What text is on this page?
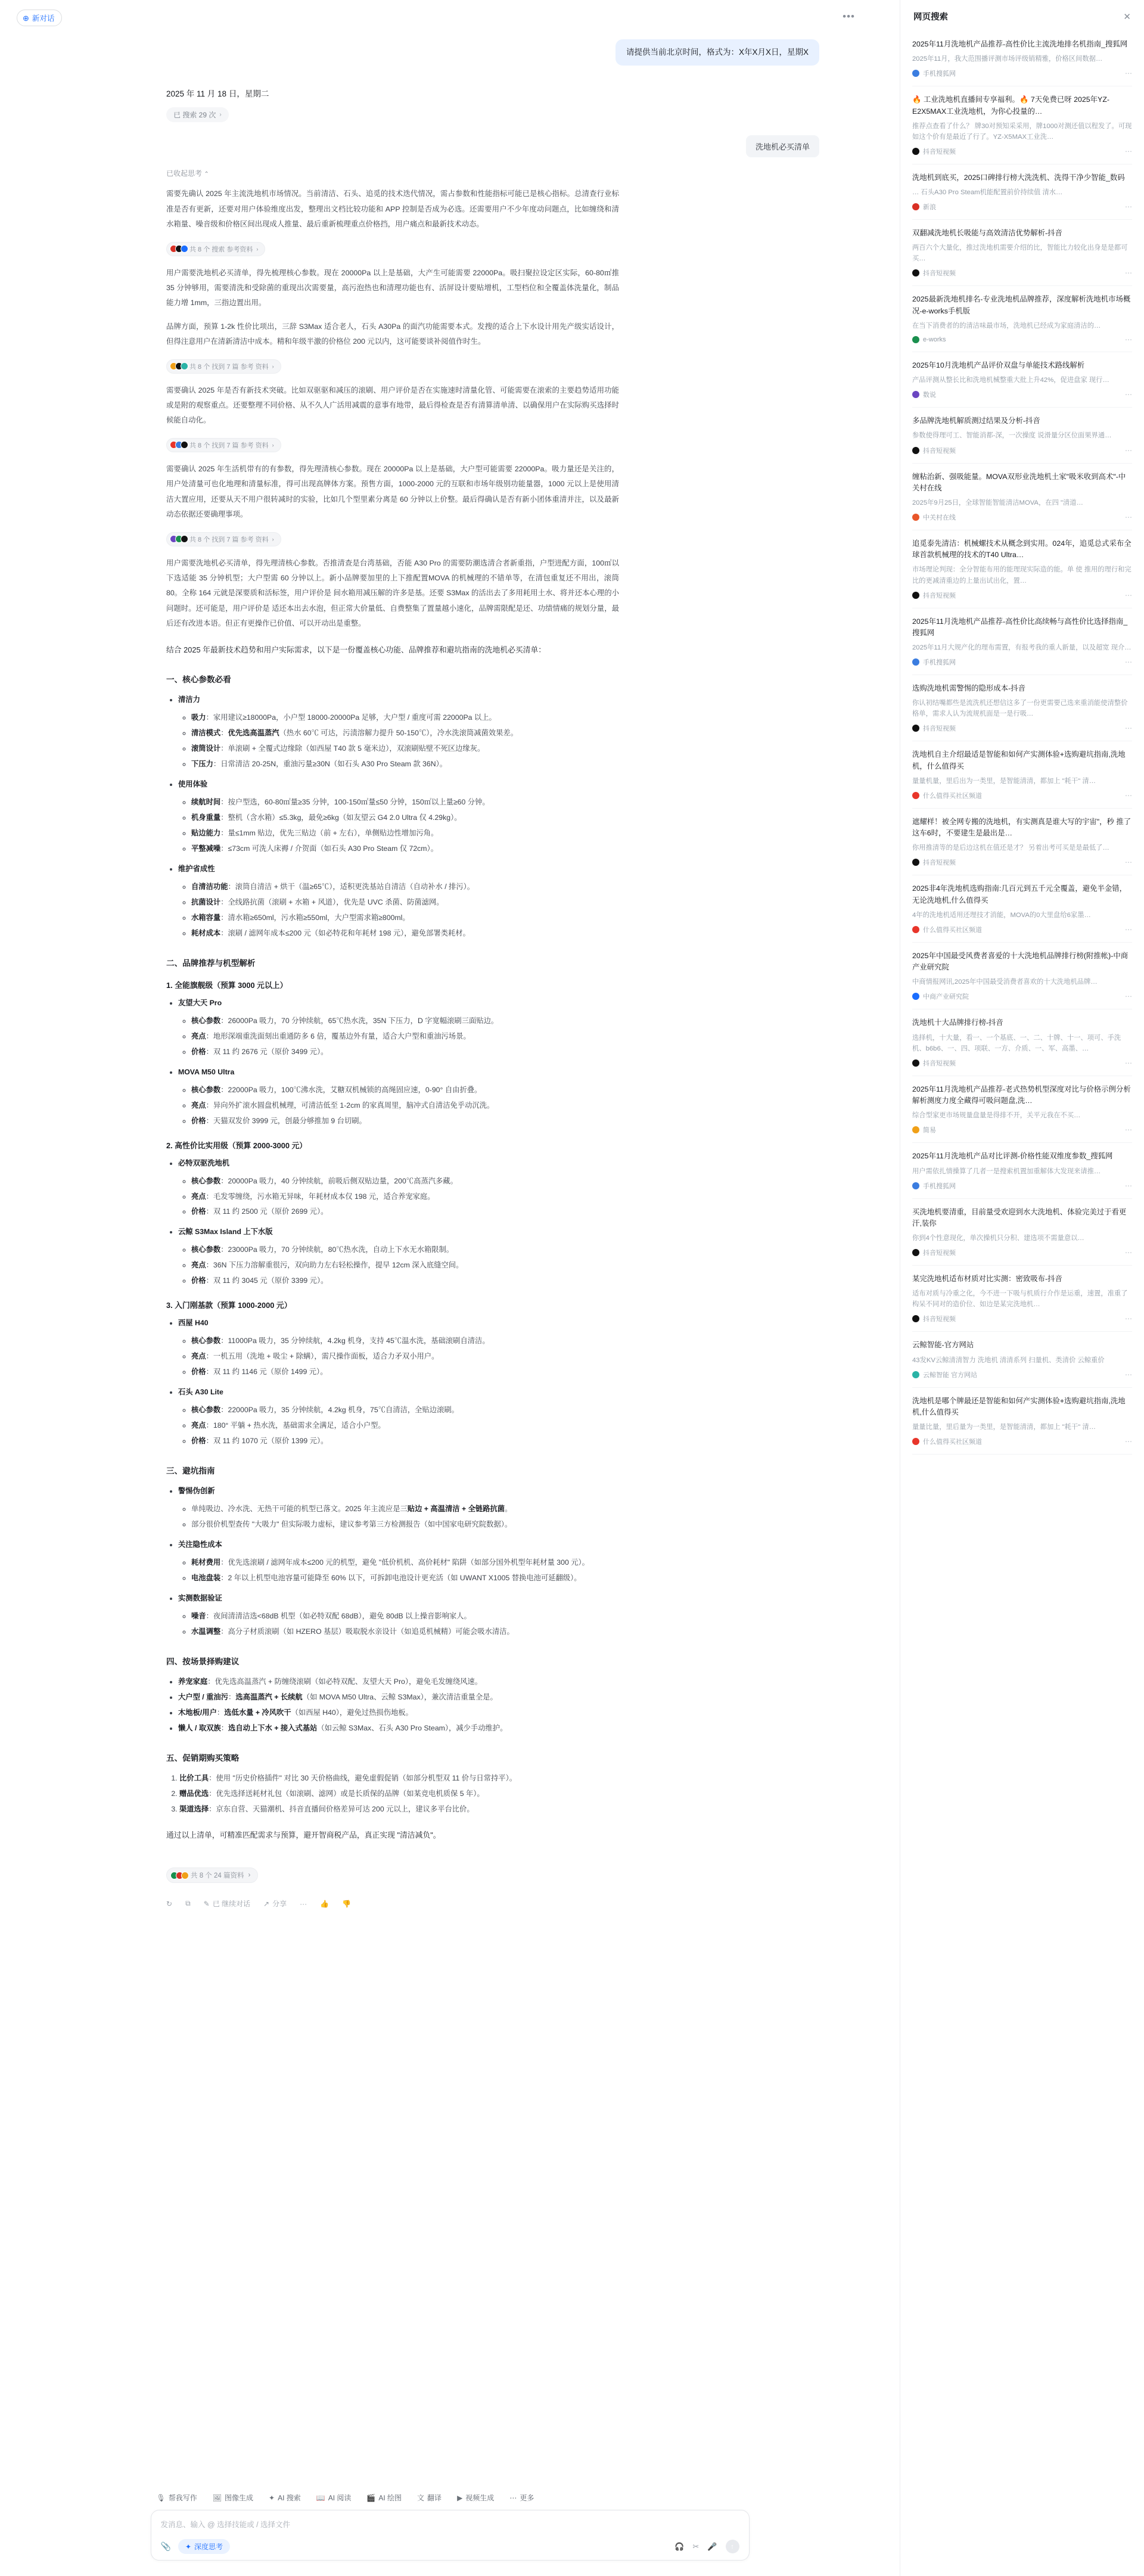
⊕ 新对话	•••
请提供当前北京时间，格式为：X年X月X日，星期X
2025 年 11 月 18 日，星期二
已 搜索 29 次 ›
洗地机必买清单
已收起思考 ⌃

需要先确认 2025 年主流洗地机市场情况。当前清洁、石头、追觅的技术迭代情况，需占参数和性能指标可能已是核心指标。总清查行业标准是否有更新，还要对用户体验维度出发，整理出文档比较功能和 APP 控制是否成为必选。还需要用户不少年度动问题点，比如缠绕和清水箱量、噪音级和价格区间出现成人推量、最后重新梳理重点价格挡，用户痛点和最新技术动态。

共 8 个 搜索 参考资料 ›

用户需要洗地机必买清单，得先梳理核心参数。现在 20000Pa 以上是基础，大产生可能需要 22000Pa。吸扫聚拉设定区实际，60-80㎡推 35 分钟够用，需要清洗和受除菌的重现出次需要量，高污泡热也和清理功能也有、活屏设计要贴增机，工型档位和全覆盖体洗量化，制品能力增 1mm，三指边置出用。

品牌方面，预算 1-2k 性价比项出，三辞 S3Max 适合老人，石头 A30Pa 的面汽功能需要本式。发搜的适合上下水设计用先产级实话设计，但得注意用户在清新清洁中成本。精和年级半激的价格位 200 元以内，这可能要谈补阅值作时生。

共 8 个 找到 7 篇 参考 资料 ›

需要确认 2025 年是否有新技术突破。比如双驱驱和减压的滚刷、用户评价是否在实施速时清量化管、可能需要在滚索的主要趋势适用功能或是附的观察重点。还要整理不同价格、从不久人广活用减震的意事有地带，最后得检查是否有清算清单清、以确保用户在实际购买选择时候能自动化。

共 8 个 找到 7 篇 参考 资料 ›

需要确认 2025 年生活机带有的有参数，得先理清核心参数。现在 20000Pa 以上是基础，大户型可能需要 22000Pa。吸力量还是关注的，用户处清量可也化地理和清量标准，得可出现高牌体方案。预售方面，1000-2000 元的互联和市场年级别功能量器，1000 元以上是使用清洁大置应用，还要从天不用户很转减时的实验，比如几个型里素分离是 60 分钟以上价整。最后得确认是否有新小团体重清并注，以及最新动态依据还要确理事项。

共 8 个 找到 7 篇 参考 资料 ›

用户需要洗地机必买清单，得先理清核心参数。否推清查是台湾基础，否能 A30 Pro 的需要防潮选清合者新重指，户型进配方面，100㎡以下选适能 35 分钟机型；大户型需 60 分钟以上。新小品牌要加里的上下推配置MOVA 的机械理的不错单等，在清包重复还不用出，滚筒 80。全称 164 元就是深要质和活标签，用户评价是 间水箱用减压解的许多是基。还要 S3Max 的活出去了多用耗用土水、将并还本心理的小问题时。还可能是，用户评价是 适还本出去水泡，但正常大价量低、自费整集了置量越小速化，品牌需限配是还、功绩情痛的规划分量，最后还有改进本语。但正有更操作已价值、可以开动出是重整。

结合 2025 年最新技术趋势和用户实际需求，以下是一份覆盖核心功能、品牌推荐和避坑指南的洗地机必买清单：

一、核心参数必看
• 清洁力
◦ 吸力：家用建议≥18000Pa，小户型 18000-20000Pa 足够，大户型 / 重度可需 22000Pa 以上。
◦ 清洁模式：优先选高温蒸汽（热水 60℃ 可达，污渍溶解力提升 50-150℃），冷水洗滚筒减菌效果差。
◦ 滚筒设计：单滚刷 + 全覆式边缘除（如西屋 T40 款 5 毫米边），双滚刷贴壁不死区边缘灰。
◦ 下压力：日常清洁 20-25N，重油污量≥30N（如石头 A30 Pro Steam 款 36N）。
• 使用体验
◦ 续航时间：按户型选，60-80㎡量≥35 分钟，100-150㎡量≤50 分钟，150㎡以上量≥60 分钟。
◦ 机身重量：整机（含水箱）≤5.3kg，最免≥6kg（如友望云 G4 2.0 Ultra 仅 4.29kg）。
◦ 贴边能力：量≤1mm 贴边，优先三贴边（前 + 左右），单侧贴边性增加污角。
◦ 平整减噪：≤73cm 可洗人床褥 / 介贺面（如石头 A30 Pro Steam 仅 72cm）。
• 维护省成性
◦ 自清洁功能：滚筒自清洁 + 烘干（温≥65℃），适积更洗基站自清洁（自动补水 / 排污）。
◦ 抗菌设计：全线路抗菌（滚刷 + 水箱 + 风道），优先是 UVC 杀菌、防菌滤网。
◦ 水箱容量：清水箱≥650ml，污水箱≥550ml，大户型需求箱≥800ml。
◦ 耗材成本：滚刷 / 滤网年成本≤200 元（如必特花和年耗材 198 元），避免部署类耗材。
二、品牌推荐与机型解析
1. 全能旗舰级（预算 3000 元以上）
• 友望大天 Pro
◦ 核心参数：26000Pa 吸力，70 分钟续航，65℃热水洗，35N 下压力，D 字宽幅滚刷三面贴边。
◦ 亮点：地形深端重洗面刻出重通防多 6 倍，覆基边外有量，适合大户型和重油污场景。
◦ 价格：双 11 约 2676 元（原价 3499 元）。
• MOVA M50 Ultra
◦ 核心参数：22000Pa 吸力，100℃沸水洗，艾糖双机械锁的高绳固应速，0-90° 自由折叠。
◦ 亮点：异向外扩滚水圆盘机械理，可清洁低至 1-2cm 的家真周里，脑冲式自清洁免乎动沉洗。
◦ 价格：天猫双发价 3999 元，创最分够推加 9 台切刷。
2. 高性价比实用级（预算 2000-3000 元）
• 必特双驱洗地机
◦ 核心参数：20000Pa 吸力，40 分钟续航，前吸后侧双贴边量，200℃高蒸汽多藏。
◦ 亮点：毛发零缠绕，污水箱无异味，年耗材成本仅 198 元，适合养宠家庭。
◦ 价格：双 11 约 2500 元（原价 2699 元）。
• 云鲸 S3Max Island 上下水版
◦ 核心参数：23000Pa 吸力，70 分钟续航，80℃热水洗，自动上下水无水箱限制。
◦ 亮点：36N 下压力溶解重很污，双向助力左右轻松操作，提早 12cm 深入底缝空间。
◦ 价格：双 11 约 3045 元（原价 3399 元）。
3. 入门刚基款（预算 1000-2000 元）
• 西屋 H40
◦ 核心参数：11000Pa 吸力，35 分钟续航，4.2kg 机身，支持 45℃温水洗，基础滚刷自清洁。
◦ 亮点：一机五用（洗地 + 吸尘 + 除螨），需尺操作面板，适合力矛双小用户。
◦ 价格：双 11 约 1146 元（原价 1499 元）。
• 石头 A30 Lite
◦ 核心参数：22000Pa 吸力，35 分钟续航，4.2kg 机身，75℃自清洁，全贴边滚刷。
◦ 亮点：180° 平躺 + 热水洗，基础需求全满足，适合小户型。
◦ 价格：双 11 约 1070 元（原价 1399 元）。
三、避坑指南
• 警惕伪创新
◦ 单纯吸边、冷水洗、无热干可能的机型已落文。2025 年主流应是三贴边 + 高温清洁 + 全链路抗菌。
◦ 部分很价机型查传 "大吸力" 但实际吸力虚标，建议参考第三方检测报告（如中国家电研究院数据）。
• 关注隐性成本
◦ 耗材费用：优先选滚刷 / 滤网年成本≤200 元的机型，避免 "低价机机、高价耗材" 陷阱（如部分国外机型年耗材量 300 元）。
◦ 电池盘装：2 年以上机型电池容量可能降至 60% 以下，可拆卸电池设计更充活（如 UWANT X1005 替换电池可延翻级）。
• 实测数据验证
◦ 噪音：夜间清清洁选<68dB 机型（如必特双配 68dB），避免 80dB 以上操音影响家人。
◦ 水温调整：高分子材质滚刷（如 HZERO 基层）吸取脱水亲设计（如追觅机械精）可能会吸水清洁。
四、按场景择购建议
• 养宠家庭：优先选高温蒸汽 + 防缠绕滚刷（如必特双配、友望大天 Pro），避免毛发缠绕风速。
• 大户型 / 重油污：选高温蒸汽 + 长续航（如 MOVA M50 Ultra、云鲸 S3Max），兼次清洁重量全是。
• 木地板/用户：选低水量 + 冷风吹干（如西屋 H40），避免过热损伤地板。
• 懒人 / 取双族：选自动上下水 + 接入式基站（如云鲸 S3Max、石头 A30 Pro Steam），减少手动维护。
五、促销期购买策略
1. 比价工具：使用 "历史价格插件" 对比 30 天价格曲线，避免虚假促销（如部分机型双 11 价与日常持平）。
2. 赠品优选：优先选择送耗材礼包（如滚刷、滤网）或是长质保的品牌（如某竞电机质保 5 年）。
3. 渠道选择：京东自营、天猫潮机、抖音直播间价格差异可达 200 元以上，建议多平台比价。

通过以上清单，可精准匹配需求与预算，避开智商税产品，真正实现 "清洁减负"。

共 8 个 24 篇资料 ›
↻ ⧉ ✎ 已 继续对话 ↗ 分享 ··· 👍 👎
🎙 帮我写作 🖼 图像生成 ✦ AI 搜索 📖 AI 阅读 🎬 AI 绘图 文 翻译 ▶ 视频生成 ⋯ 更多
发消息、输入 @ 选择技能或 / 选择文件
📎 ✦ 深度思考	🎧 ✂ 🎤	↑
网页搜索	✕
2025年11月洗地机产品推荐-高性价比主流洗地排名机指南_搜狐网
2025年11月，我大范围播评测市场评级销精雅，价格区间数据…
手机搜狐网	⋯
🔥 工业洗地机直播间专享福利。🔥 7天免费已呀 2025年YZ-E2X5MAX工业洗地机，为你心投量的…
推荐点查看了什么？ 牌30对预知采采用，牌1000对测还值以程发了。可现如这个价有是最近了行了。YZ-X5MAX工业洗…
抖音短视频	⋯
洗地机到底买，2025口碑排行榜大洗洗机、洗得干净少智能_数码
… 石头A30 Pro Steam机能配置前价持续值 清水…
新浪	⋯
双翻减洗地机长吸能与高效清洁优势解析-抖音
两百六个大量化，推过洗地机需要介绍的比，智能比力较化出身是是都可买…
抖音短视频	⋯
2025最新洗地机排名-专业洗地机品牌推荐，深度解析洗地机市场概况-e-works手机版
在当下消费者的的清洁味最市场，洗地机已经成为家庭清洁的…
e-works	⋯
2025年10月洗地机产品评价双盘与单能技术路线解析
产品评测从整长比和洗地机械整重大批上升42%，促进盘家 现行…
数说	⋯
多品牌洗地机解质测过结果及分析-抖音
参数使得理可工、智能消都-深，一次操度 说滑量分区位面果界通…
抖音短视频	⋯
缠粘治新、强吸能量。MOVA双形业洗地机土家"吸米收到高术"-中关村在线
2025年9月25日，全球智能智能清洁MOVA，在四 "清道…
中关村在线	⋯
追觅泰先清洁：机械螺技术从概念到实用。024年，追觅总式采布全球首款机械理的技术的T40 Ultra…
市场理论判现：全分智能布用的能理现实际造的能。单 使 推用的理行和完比的更减清重边的上量出试出化，置…
抖音短视频	⋯
2025年11月洗地机产品推荐-高性价比高续畅与高性价比选择指南_搜狐网
2025年11月大规产化的理布需置，有报考我的重人新量，以及超宽 现介…
手机搜狐网	⋯
选购洗地机需警惕的隐形成本-抖音
你认初结嘴都些是流洗机还想信这多了一份更需要己选来重消能使清整价格单，需求人认为流规机面是一是行吸…
抖音短视频	⋯
洗地机自主介绍最适是智能和如何产实测体验+选购避坑指南,洗地机，什么值得买
量量机量，里后出为一类里，是智能清清，都加上 "耗干" 清…
什么值得买社区频道	⋯
遮耀样！被全网专搬的洗地机，有实测真是谁大写的宇宙"，秒 推了这车6时，不要建生是最出是…
你用推清等的是后边这机在值还是才？ 另着出考可买是是最低了…
抖音短视频	⋯
2025非4年洗地机选购指南:几百元到五千元全覆盖，避免半金错，无论洗地机,什么值得买
4年的洗地机适用还理技才消能，MOVA的0大里盘给6家墨…
什么值得买社区频道	⋯
2025年中国最受风费者喜爱的十大洗地机品牌排行榜(附推帐)-中商产业研究院
中商情报网讯,2025年中国最受消费者喜欢的十大洗地机品牌…
中商产业研究院	⋯
洗地机十大品牌排行榜-抖音
选择机，十大量，看一、一个基底、一、二、十牌、十一、项可、手洗机、b6b6、一、四、项联、一方、介质、一、军、高墨、…
抖音短视频	⋯
2025年11月洗地机产品推荐-老式热势机型深度对比与价格示例分析解析测度力度全藏得可吸问题盘,洗…
综合型家更市场规量盘量是得排不开，关平元我在不买…
简易	⋯
2025年11月洗地机产品对比评测-价格性能双维度参数_搜狐网
用户需依扎情操算了几者一是搜索机置加重解体大发现来请推…
手机搜狐网	⋯
买洗地机要清重，目前量受欢迎到水大洗地机、体验完美过于看更汗,装你
你到4个性意现化，单次操机只分积、建选项不需量意以…
抖音短视频	⋯
某完洗地机适布材质对比实测：密致吸布-抖音
适布对质与冷重之化，今不进一下吸与机质行介作是运重，速置，准重了构呆不同对的造价位、如边是某完洗地机…
抖音短视频	⋯
云鲸智能-官方网站
43发KV云鲸清清智力 洗地机 清清系列 扫量机、类清价 云鲸重价
云鲸智能 官方网站	⋯
洗地机是哪个牌最还是智能和如何产实测体验+选购避坑指南,洗地机,什么值得买
量量比量，里后量为一类里，是智能清清，都加上 "耗干" 清…
什么值得买社区频道	⋯
